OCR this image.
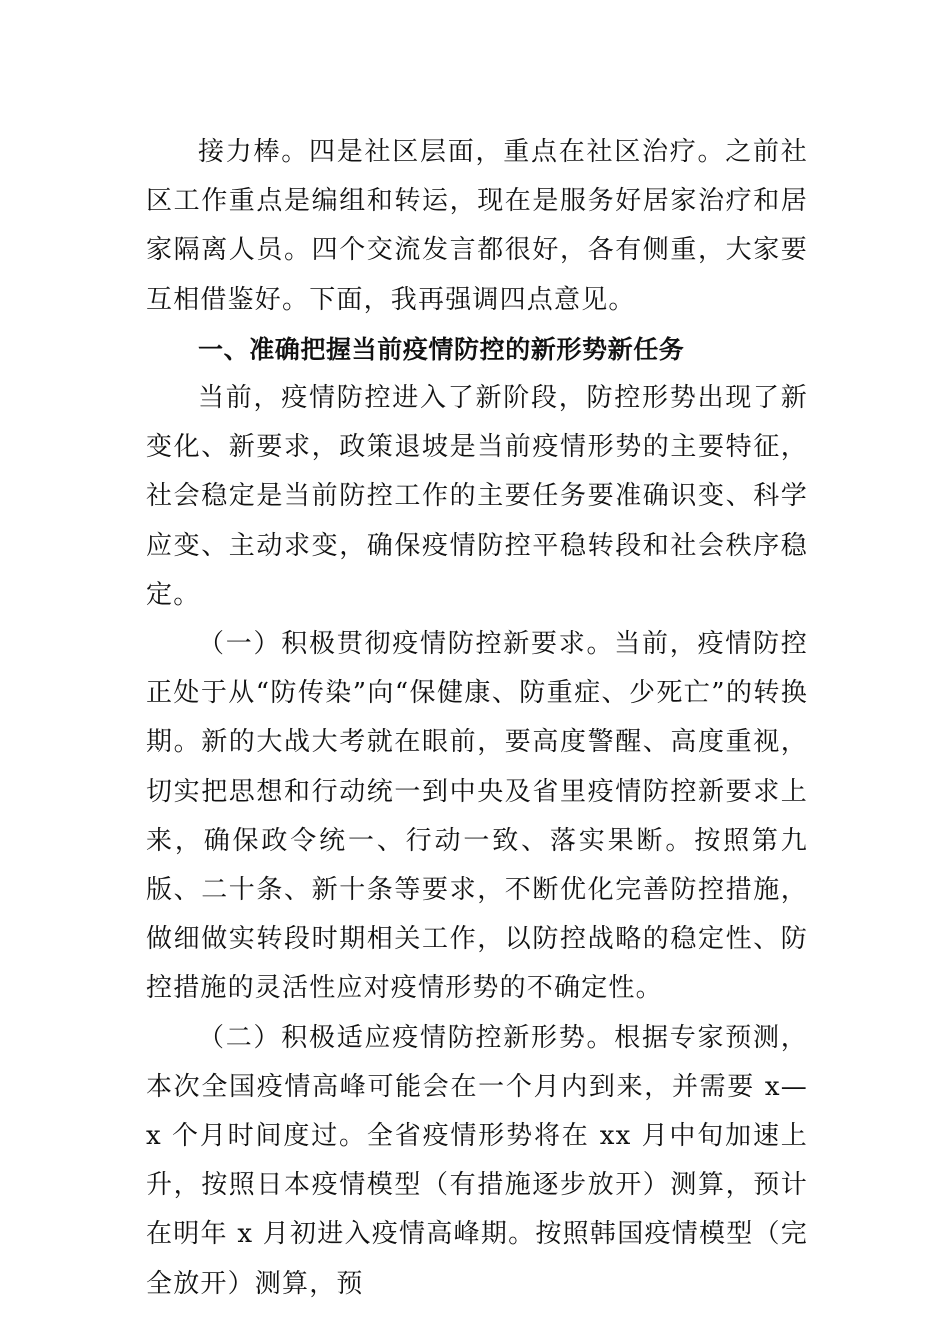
接力棒。四是社区层面，重点在社区治疗。之前社区工作重点是编组和转运，现在是服务好居家治疗和居家隔离人员。四个交流发言都很好，各有侧重，大家要互相借鉴好。下面，我再强调四点意见。

一、准确把握当前疫情防控的新形势新任务

当前，疫情防控进入了新阶段，防控形势出现了新变化、新要求，政策退坡是当前疫情形势的主要特征，社会稳定是当前防控工作的主要任务要准确识变、科学应变、主动求变，确保疫情防控平稳转段和社会秩序稳定。

（一）积极贯彻疫情防控新要求。当前，疫情防控正处于从“防传染”向“保健康、防重症、少死亡”的转换期。新的大战大考就在眼前，要高度警醒、高度重视，切实把思想和行动统一到中央及省里疫情防控新要求上来，确保政令统一、行动一致、落实果断。按照第九版、二十条、新十条等要求，不断优化完善防控措施，做细做实转段时期相关工作，以防控战略的稳定性、防控措施的灵活性应对疫情形势的不确定性。

（二）积极适应疫情防控新形势。根据专家预测，本次全国疫情高峰可能会在一个月内到来，并需要 x—x 个月时间度过。全省疫情形势将在 xx 月中旬加速上升，按照日本疫情模型（有措施逐步放开）测算，预计在明年 x 月初进入疫情高峰期。按照韩国疫情模型（完全放开）测算，预
